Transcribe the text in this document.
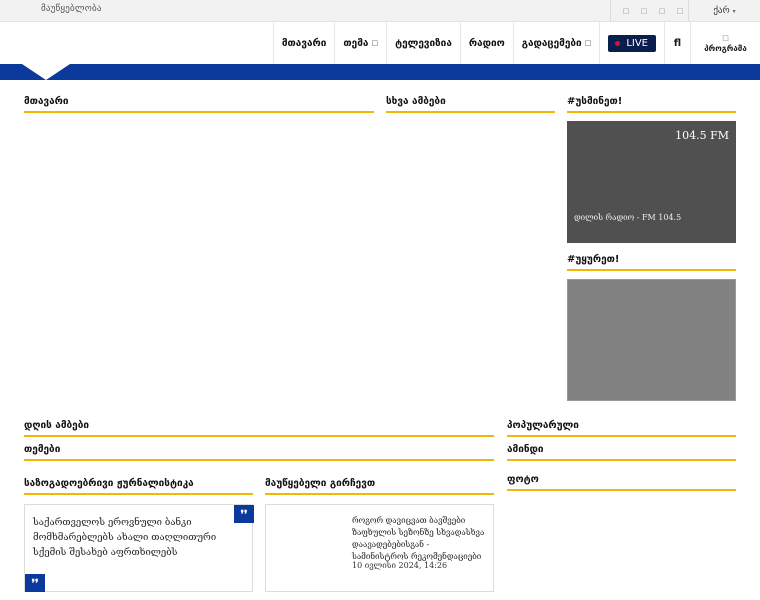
მაუწყებლობა	□	□	□	□	ქარ ▾
მთავარი თემა □ ტელევიზია რადიო გადაცემები □	LIVE	fl	□
პროგრამა
მთავარი	სხვა ამბები	#უსმინეთ!
104.5 FM
დილის რადიო - FM 104.5
#უყურეთ!
დღის ამბები	პოპულარული
თემები	ამინდი
საზოგადოებრივი ჟურნალისტიკა	მაუწყებელი გირჩევთ	ფოტო
საქართველოს ეროვნული ბანკი მომხმარებლებს ახალი თაღლითური სქემის შესახებ აფრთხილებს
❜❜
❜❜
როგორ დავიცვათ ბავშვები ზაფხულის სეზონზე სხვადასხვა დაავადებებისგან - სამინისტროს რეკომენდაციები
10 ივლისი 2024, 14:26
